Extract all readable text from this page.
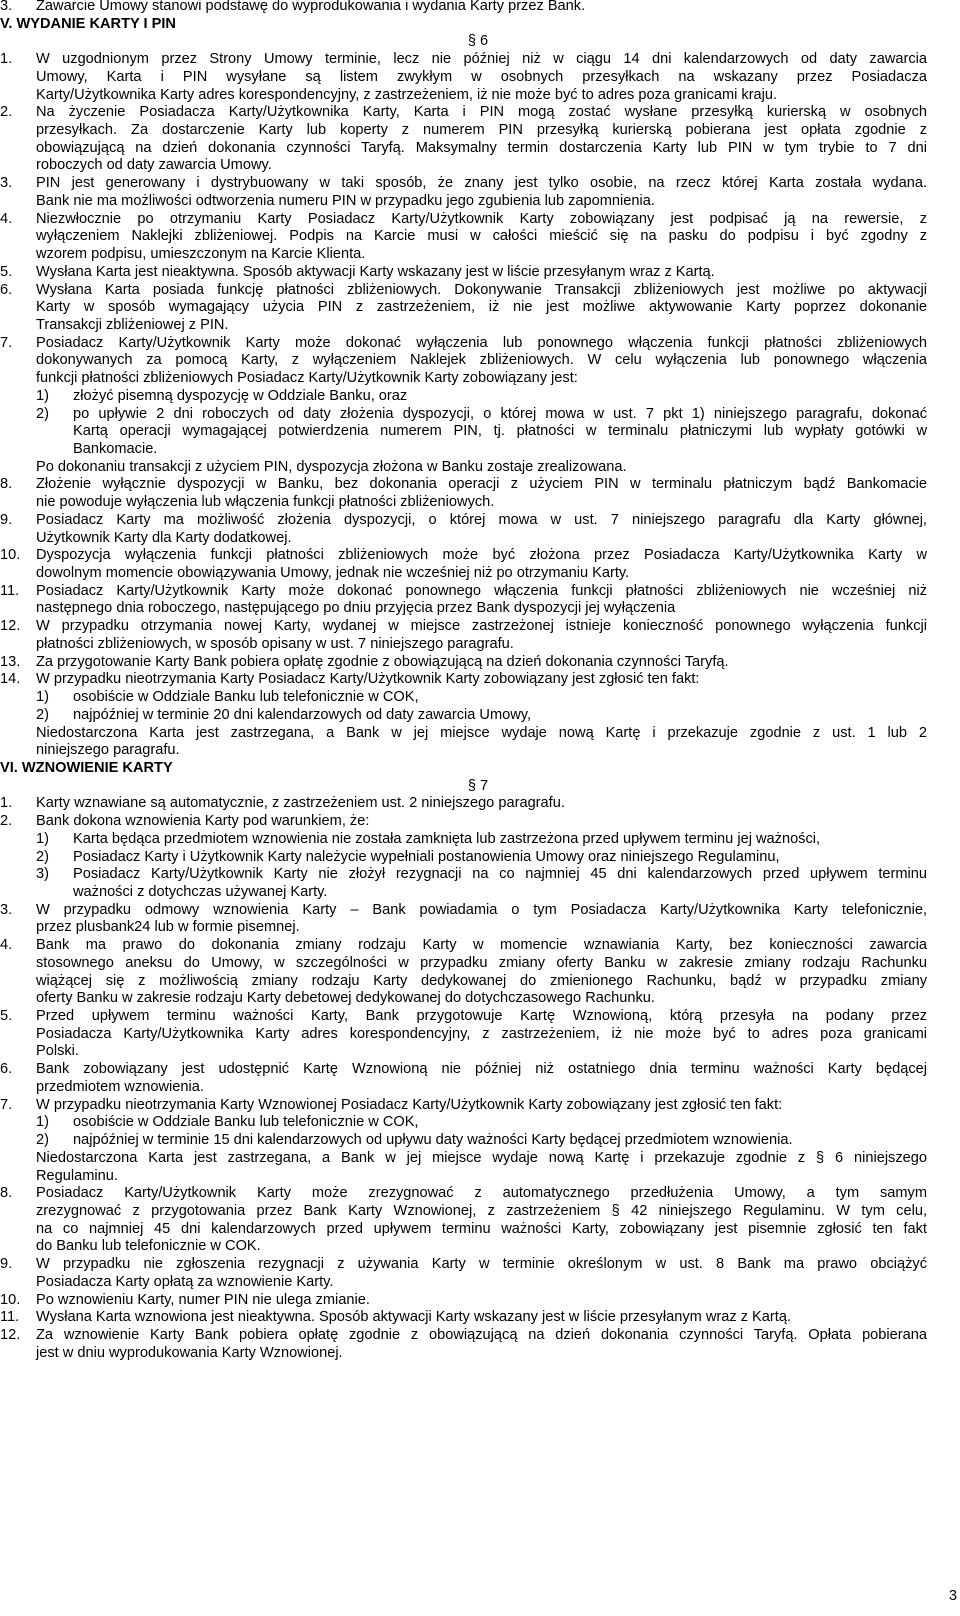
3. Zawarcie Umowy stanowi podstawę do wyprodukowania i wydania Karty przez Bank.
V. WYDANIE KARTY I PIN
§ 6
1. W uzgodnionym przez Strony Umowy terminie, lecz nie później niż w ciągu 14 dni kalendarzowych od daty zawarcia
Umowy, Karta i PIN wysyłane są listem zwykłym w osobnych przesyłkach na wskazany przez Posiadacza
Karty/Użytkownika Karty adres korespondencyjny, z zastrzeżeniem, iż nie może być to adres poza granicami kraju.
2. Na życzenie Posiadacza Karty/Użytkownika Karty, Karta i PIN mogą zostać wysłane przesyłką kurierską w osobnych
przesyłkach. Za dostarczenie Karty lub koperty z numerem PIN przesyłką kurierską pobierana jest opłata zgodnie z
obowiązującą na dzień dokonania czynności Taryfą. Maksymalny termin dostarczenia Karty lub PIN w tym trybie to 7 dni
roboczych od daty zawarcia Umowy.
3. PIN jest generowany i dystrybuowany w taki sposób, że znany jest tylko osobie, na rzecz której Karta została wydana.
Bank nie ma możliwości odtworzenia numeru PIN w przypadku jego zgubienia lub zapomnienia.
4. Niezwłocznie po otrzymaniu Karty Posiadacz Karty/Użytkownik Karty zobowiązany jest podpisać ją na rewersie, z
wyłączeniem Naklejki zbliżeniowej. Podpis na Karcie musi w całości mieścić się na pasku do podpisu i być zgodny z
wzorem podpisu, umieszczonym na Karcie Klienta.
5. Wysłana Karta jest nieaktywna. Sposób aktywacji Karty wskazany jest w liście przesyłanym wraz z Kartą.
6. Wysłana Karta posiada funkcję płatności zbliżeniowych. Dokonywanie Transakcji zbliżeniowych jest możliwe po aktywacji
Karty w sposób wymagający użycia PIN z zastrzeżeniem, iż nie jest możliwe aktywowanie Karty poprzez dokonanie
Transakcji zbliżeniowej z PIN.
7. Posiadacz Karty/Użytkownik Karty może dokonać wyłączenia lub ponownego włączenia funkcji płatności zbliżeniowych
dokonywanych za pomocą Karty, z wyłączeniem Naklejek zbliżeniowych. W celu wyłączenia lub ponownego włączenia
funkcji płatności zbliżeniowych Posiadacz Karty/Użytkownik Karty zobowiązany jest:
1) złożyć pisemną dyspozycję w Oddziale Banku, oraz
2) po upływie 2 dni roboczych od daty złożenia dyspozycji, o której mowa w ust. 7 pkt 1) niniejszego paragrafu, dokonać
Kartą operacji wymagającej potwierdzenia numerem PIN, tj. płatności w terminalu płatniczymi lub wypłaty gotówki w
Bankomacie.
Po dokonaniu transakcji z użyciem PIN, dyspozycja złożona w Banku zostaje zrealizowana.
8. Złożenie wyłącznie dyspozycji w Banku, bez dokonania operacji z użyciem PIN w terminalu płatniczym bądź Bankomacie
nie powoduje wyłączenia lub włączenia funkcji płatności zbliżeniowych.
9. Posiadacz Karty ma możliwość złożenia dyspozycji, o której mowa w ust. 7 niniejszego paragrafu dla Karty głównej,
Użytkownik Karty dla Karty dodatkowej.
10. Dyspozycja wyłączenia funkcji płatności zbliżeniowych może być złożona przez Posiadacza Karty/Użytkownika Karty w
dowolnym momencie obowiązywania Umowy, jednak nie wcześniej niż po otrzymaniu Karty.
11. Posiadacz Karty/Użytkownik Karty może dokonać ponownego włączenia funkcji płatności zbliżeniowych nie wcześniej niż
następnego dnia roboczego, następującego po dniu przyjęcia przez Bank dyspozycji jej wyłączenia
12. W przypadku otrzymania nowej Karty, wydanej w miejsce zastrzeżonej istnieje konieczność ponownego wyłączenia funkcji
płatności zbliżeniowych, w sposób opisany w ust. 7 niniejszego paragrafu.
13. Za przygotowanie Karty Bank pobiera opłatę zgodnie z obowiązującą na dzień dokonania czynności Taryfą.
14. W przypadku nieotrzymania Karty Posiadacz Karty/Użytkownik Karty zobowiązany jest zgłosić ten fakt:
1) osobiście w Oddziale Banku lub telefonicznie w COK,
2) najpóźniej w terminie 20 dni kalendarzowych od daty zawarcia Umowy,
Niedostarczona Karta jest zastrzegana, a Bank w jej miejsce wydaje nową Kartę i przekazuje zgodnie z ust. 1 lub 2
niniejszego paragrafu.
VI. WZNOWIENIE KARTY
§ 7
1. Karty wznawiane są automatycznie, z zastrzeżeniem ust. 2 niniejszego paragrafu.
2. Bank dokona wznowienia Karty pod warunkiem, że:
1) Karta będąca przedmiotem wznowienia nie została zamknięta lub zastrzeżona przed upływem terminu jej ważności,
2) Posiadacz Karty i Użytkownik Karty należycie wypełniali postanowienia Umowy oraz niniejszego Regulaminu,
3) Posiadacz Karty/Użytkownik Karty nie złożył rezygnacji na co najmniej 45 dni kalendarzowych przed upływem terminu
ważności z dotychczas używanej Karty.
3. W przypadku odmowy wznowienia Karty – Bank powiadamia o tym Posiadacza Karty/Użytkownika Karty telefonicznie,
przez plusbank24 lub w formie pisemnej.
4. Bank ma prawo do dokonania zmiany rodzaju Karty w momencie wznawiania Karty, bez konieczności zawarcia
stosownego aneksu do Umowy, w szczególności w przypadku zmiany oferty Banku w zakresie zmiany rodzaju Rachunku
wiążącej się z możliwością zmiany rodzaju Karty dedykowanej do zmienionego Rachunku, bądź w przypadku zmiany
oferty Banku w zakresie rodzaju Karty debetowej dedykowanej do dotychczasowego Rachunku.
5. Przed upływem terminu ważności Karty, Bank przygotowuje Kartę Wznowioną, którą przesyła na podany przez
Posiadacza Karty/Użytkownika Karty adres korespondencyjny, z zastrzeżeniem, iż nie może być to adres poza granicami
Polski.
6. Bank zobowiązany jest udostępnić Kartę Wznowioną nie później niż ostatniego dnia terminu ważności Karty będącej
przedmiotem wznowienia.
7. W przypadku nieotrzymania Karty Wznowionej Posiadacz Karty/Użytkownik Karty zobowiązany jest zgłosić ten fakt:
1) osobiście w Oddziale Banku lub telefonicznie w COK,
2) najpóźniej w terminie 15 dni kalendarzowych od upływu daty ważności Karty będącej przedmiotem wznowienia.
Niedostarczona Karta jest zastrzegana, a Bank w jej miejsce wydaje nową Kartę i przekazuje zgodnie z § 6 niniejszego
Regulaminu.
8. Posiadacz Karty/Użytkownik Karty może zrezygnować z automatycznego przedłużenia Umowy, a tym samym
zrezygnować z przygotowania przez Bank Karty Wznowionej, z zastrzeżeniem § 42 niniejszego Regulaminu. W tym celu,
na co najmniej 45 dni kalendarzowych przed upływem terminu ważności Karty, zobowiązany jest pisemnie zgłosić ten fakt
do Banku lub telefonicznie w COK.
9. W przypadku nie zgłoszenia rezygnacji z używania Karty w terminie określonym w ust. 8 Bank ma prawo obciążyć
Posiadacza Karty opłatą za wznowienie Karty.
10. Po wznowieniu Karty, numer PIN nie ulega zmianie.
11. Wysłana Karta wznowiona jest nieaktywna. Sposób aktywacji Karty wskazany jest w liście przesyłanym wraz z Kartą.
12. Za wznowienie Karty Bank pobiera opłatę zgodnie z obowiązującą na dzień dokonania czynności Taryfą. Opłata pobierana
jest w dniu wyprodukowania Karty Wznowionej.
3
